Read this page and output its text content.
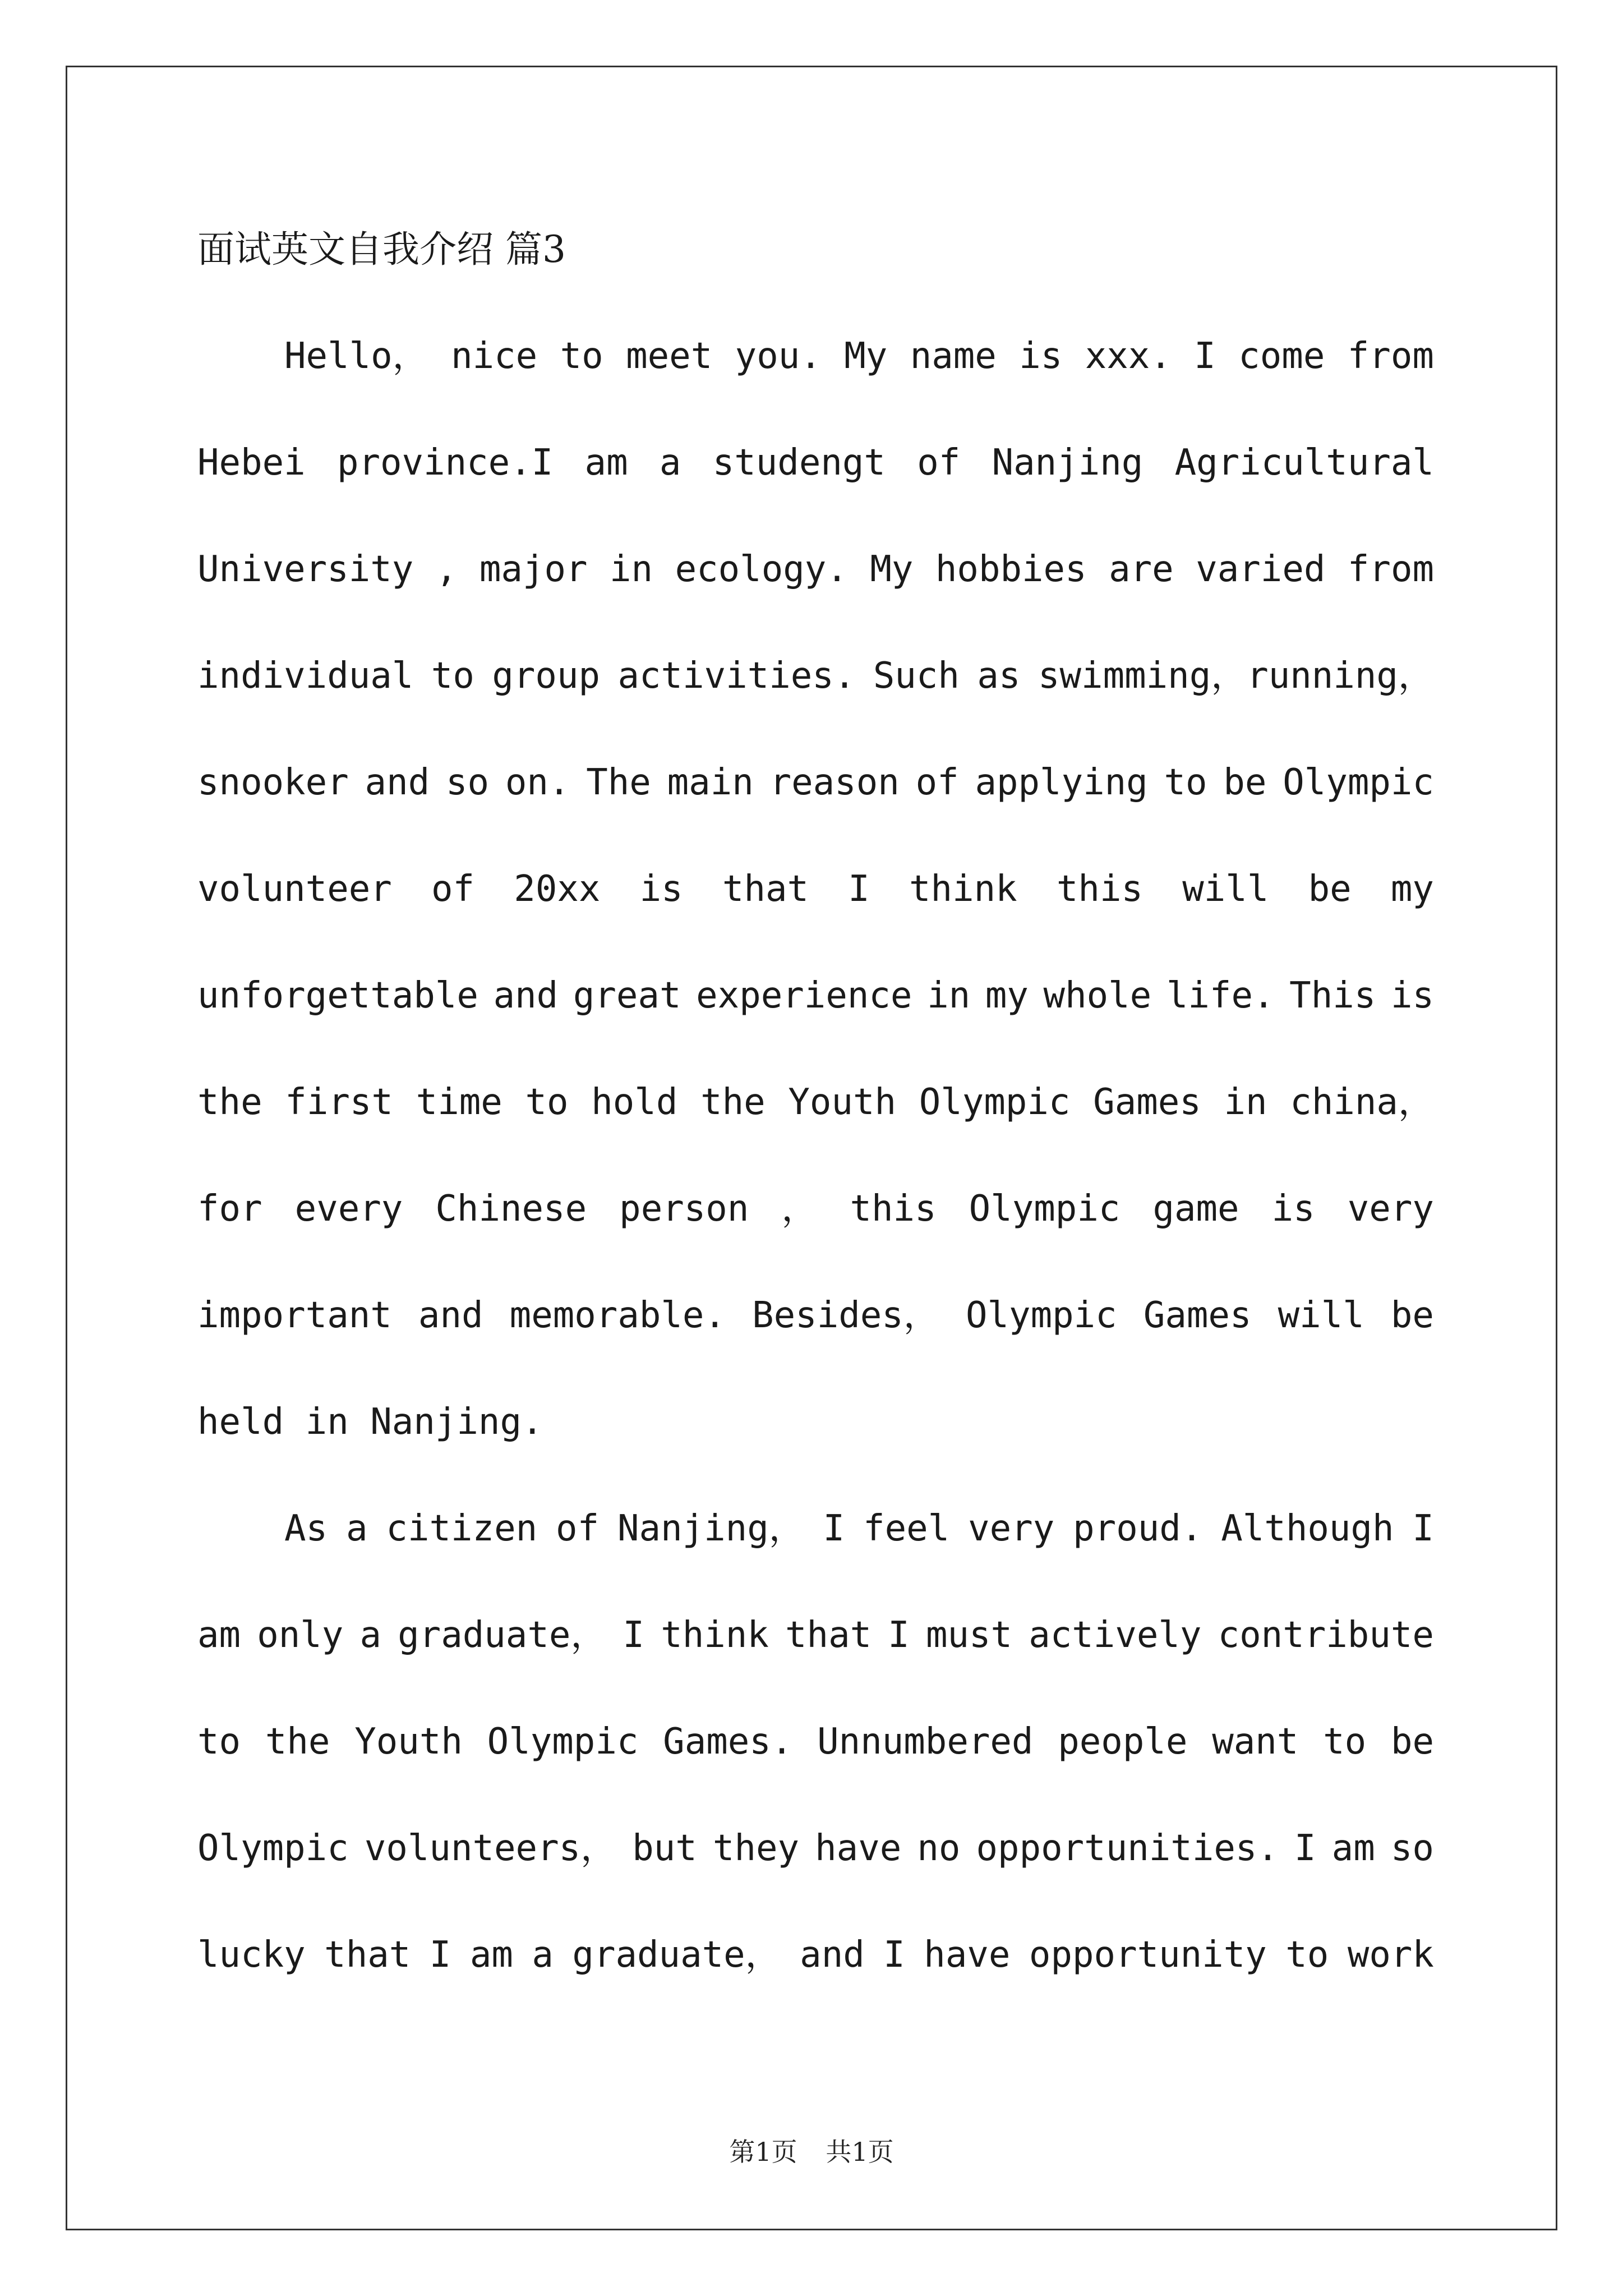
面试英文自我介绍 篇3
Hello， nice to meet you. My name is xxx. I come from
Hebei province.I am a studengt of Nanjing Agricultural
University , major in ecology. My hobbies are varied from
individual to group activities. Such as swimming，running，
snooker and so on. The main reason of applying to be Olympic
volunteer of 20xx is that I think this will be my
unforgettable and great experience in my whole life. This is
the first time to hold the Youth Olympic Games in china，
for every Chinese person ， this Olympic game is very
important and memorable. Besides， Olympic Games will be
held in Nanjing.
As a citizen of Nanjing， I feel very proud. Although I
am only a graduate， I think that I must actively contribute
to the Youth Olympic Games. Unnumbered people want to be
Olympic volunteers， but they have no opportunities. I am so
lucky that I am a graduate， and I have opportunity to work
第1页 共1页
